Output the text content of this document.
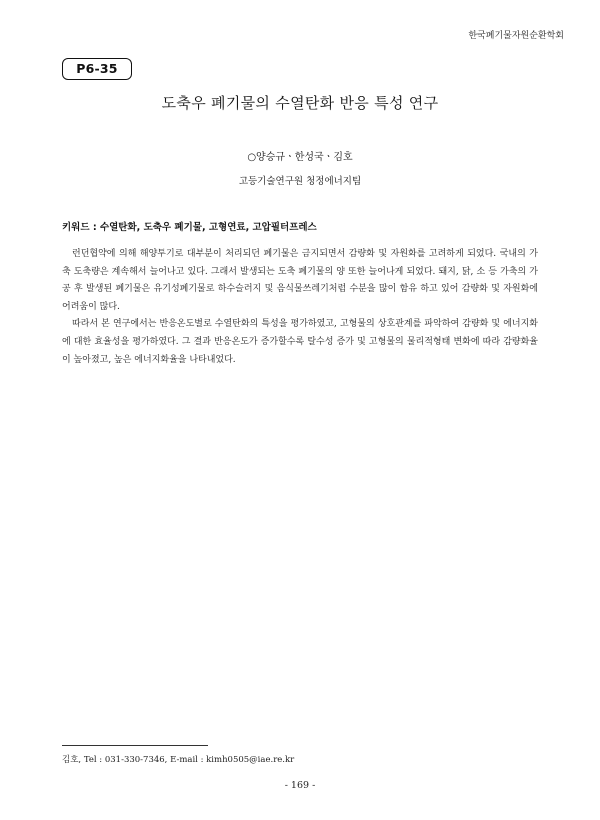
한국폐기물자원순환학회
P6-35
도축우 폐기물의 수열탄화 반응 특성 연구
○양승규ㆍ한성국ㆍ김호
고등기술연구원 청정에너지팀
키워드 : 수열탄화, 도축우 폐기물, 고형연료, 고압필터프레스

런던협약에 의해 해양투기로 대부분이 처리되던 폐기물은 금지되면서 감량화 및 자원화를 고려하게 되었다. 국내의 가축 도축량은 계속해서 늘어나고 있다. 그래서 발생되는 도축 폐기물의 양 또한 늘어나게 되었다. 돼지, 닭, 소 등 가축의 가공 후 발생된 폐기물은 유기성폐기물로 하수슬러지 및 음식물쓰레기처럼 수분을 많이 함유 하고 있어 감량화 및 자원화에 어려움이 많다.

따라서 본 연구에서는 반응온도별로 수열탄화의 특성을 평가하였고, 고형물의 상호관계를 파악하여 감량화 및 에너지화에 대한 효율성을 평가하였다. 그 결과 반응온도가 증가할수록 탈수성 증가 및 고형물의 물리적형태 변화에 따라 감량화율이 높아졌고, 높은 에너지화율을 나타내었다.

김호, Tel : 031-330-7346, E-mail : kimh0505@iae.re.kr
- 169 -
